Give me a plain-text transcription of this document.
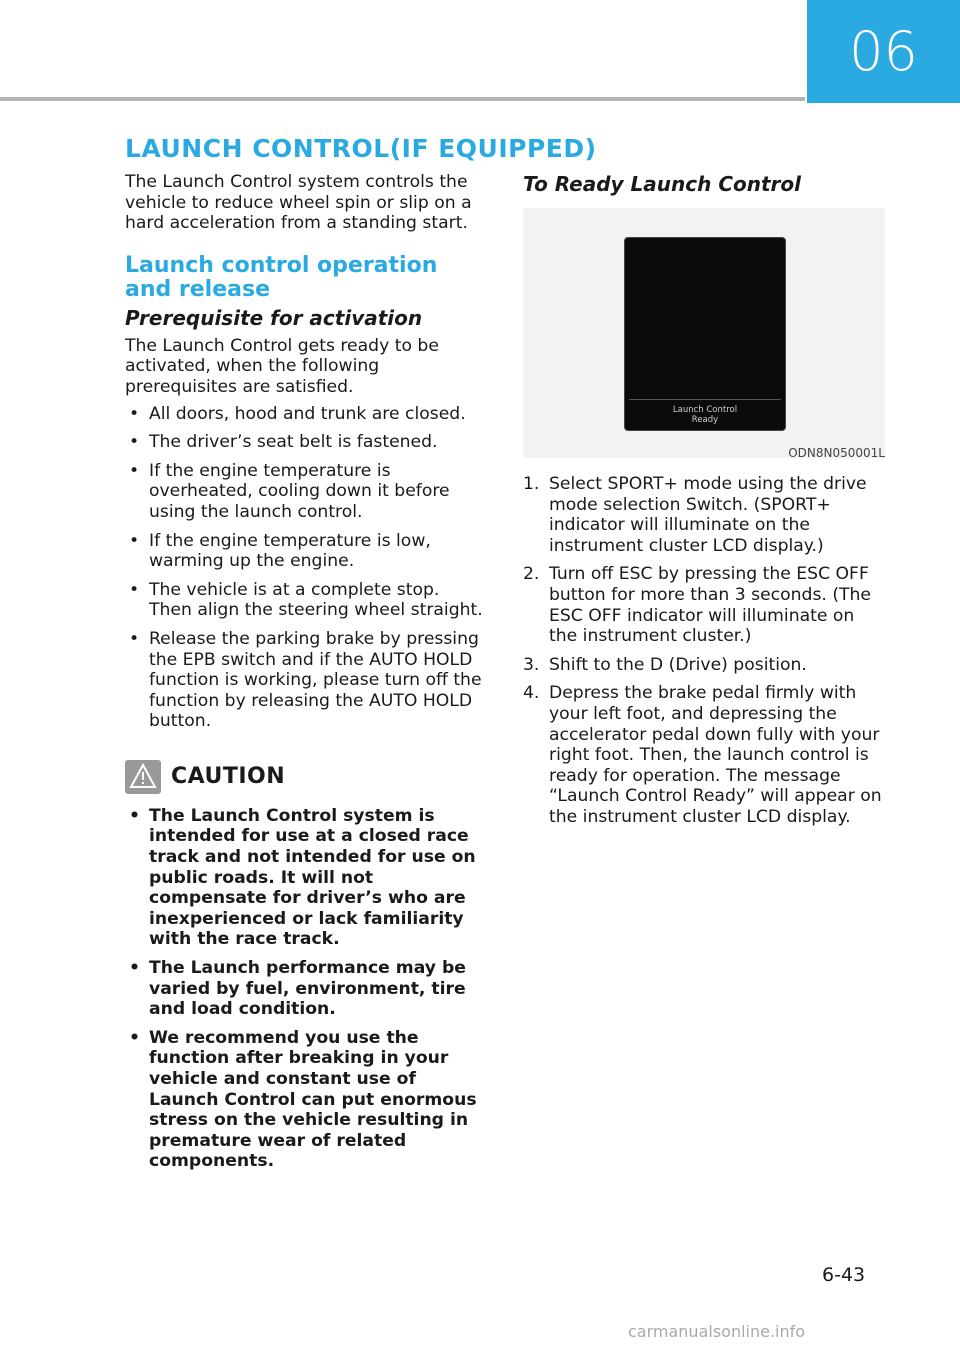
06
LAUNCH CONTROL(IF EQUIPPED)

The Launch Control system controls the vehicle to reduce wheel spin or slip on a hard acceleration from a standing start.

Launch control operation and release
Prerequisite for activation

The Launch Control gets ready to be activated, when the following prerequisites are satisfied.

• All doors, hood and trunk are closed.
• The driver’s seat belt is fastened.
• If the engine temperature is overheated, cooling down it before using the launch control.
• If the engine temperature is low, warming up the engine.
• The vehicle is at a complete stop. Then align the steering wheel straight.
• Release the parking brake by pressing the EPB switch and if the AUTO HOLD function is working, please turn off the function by releasing the AUTO HOLD button.
CAUTION
• The Launch Control system is intended for use at a closed race track and not intended for use on public roads. It will not compensate for driver’s who are inexperienced or lack familiarity with the race track.
• The Launch performance may be varied by fuel, environment, tire and load condition.
• We recommend you use the function after breaking in your vehicle and constant use of Launch Control can put enormous stress on the vehicle resulting in premature wear of related components.
To Ready Launch Control
Launch Control
Ready
ODN8N050001L
1. Select SPORT+ mode using the drive mode selection Switch. (SPORT+ indicator will illuminate on the instrument cluster LCD display.)
2. Turn off ESC by pressing the ESC OFF button for more than 3 seconds. (The ESC OFF indicator will illuminate on the instrument cluster.)
3. Shift to the D (Drive) position.
4. Depress the brake pedal firmly with your left foot, and depressing the accelerator pedal down fully with your right foot. Then, the launch control is ready for operation. The message “Launch Control Ready” will appear on the instrument cluster LCD display.
6-43
carmanualsonline.info
